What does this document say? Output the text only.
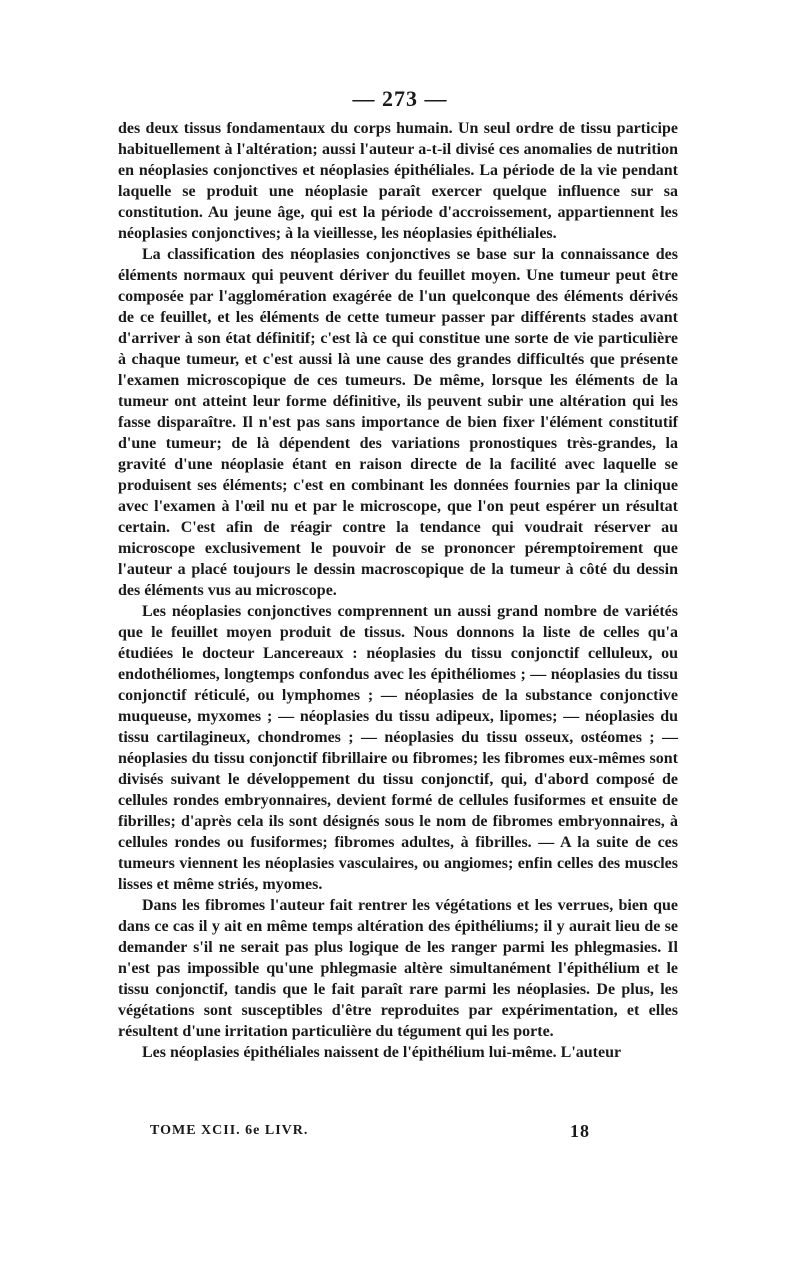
— 273 —

des deux tissus fondamentaux du corps humain. Un seul ordre de tissu participe habituellement à l'altération; aussi l'auteur a-t-il divisé ces anomalies de nutrition en néoplasies conjonctives et néoplasies épithéliales. La période de la vie pendant laquelle se produit une néoplasie paraît exercer quelque influence sur sa constitution. Au jeune âge, qui est la période d'accroissement, appartiennent les néoplasies conjonctives; à la vieillesse, les néoplasies épithéliales.

La classification des néoplasies conjonctives se base sur la connaissance des éléments normaux qui peuvent dériver du feuillet moyen. Une tumeur peut être composée par l'agglomération exagérée de l'un quelconque des éléments dérivés de ce feuillet, et les éléments de cette tumeur passer par différents stades avant d'arriver à son état définitif; c'est là ce qui constitue une sorte de vie particulière à chaque tumeur, et c'est aussi là une cause des grandes difficultés que présente l'examen microscopique de ces tumeurs. De même, lorsque les éléments de la tumeur ont atteint leur forme définitive, ils peuvent subir une altération qui les fasse disparaître. Il n'est pas sans importance de bien fixer l'élément constitutif d'une tumeur; de là dépendent des variations pronostiques très-grandes, la gravité d'une néoplasie étant en raison directe de la facilité avec laquelle se produisent ses éléments; c'est en combinant les données fournies par la clinique avec l'examen à l'œil nu et par le microscope, que l'on peut espérer un résultat certain. C'est afin de réagir contre la tendance qui voudrait réserver au microscope exclusivement le pouvoir de se prononcer péremptoirement que l'auteur a placé toujours le dessin macroscopique de la tumeur à côté du dessin des éléments vus au microscope.

Les néoplasies conjonctives comprennent un aussi grand nombre de variétés que le feuillet moyen produit de tissus. Nous donnons la liste de celles qu'a étudiées le docteur Lancereaux : néoplasies du tissu conjonctif celluleux, ou endothéliomes, longtemps confondus avec les épithéliomes ; — néoplasies du tissu conjonctif réticulé, ou lymphomes ; — néoplasies de la substance conjonctive muqueuse, myxomes ; — néoplasies du tissu adipeux, lipomes; — néoplasies du tissu cartilagineux, chondromes ; — néoplasies du tissu osseux, ostéomes ; — néoplasies du tissu conjonctif fibrillaire ou fibromes; les fibromes eux-mêmes sont divisés suivant le développement du tissu conjonctif, qui, d'abord composé de cellules rondes embryonnaires, devient formé de cellules fusiformes et ensuite de fibrilles; d'après cela ils sont désignés sous le nom de fibromes embryonnaires, à cellules rondes ou fusiformes; fibromes adultes, à fibrilles. — A la suite de ces tumeurs viennent les néoplasies vasculaires, ou angiomes; enfin celles des muscles lisses et même striés, myomes.

Dans les fibromes l'auteur fait rentrer les végétations et les verrues, bien que dans ce cas il y ait en même temps altération des épithéliums; il y aurait lieu de se demander s'il ne serait pas plus logique de les ranger parmi les phlegmasies. Il n'est pas impossible qu'une phlegmasie altère simultanément l'épithélium et le tissu conjonctif, tandis que le fait paraît rare parmi les néoplasies. De plus, les végétations sont susceptibles d'être reproduites par expérimentation, et elles résultent d'une irritation particulière du tégument qui les porte.

Les néoplasies épithéliales naissent de l'épithélium lui-même. L'auteur

TOME XCII. 6e LIVR.	18
